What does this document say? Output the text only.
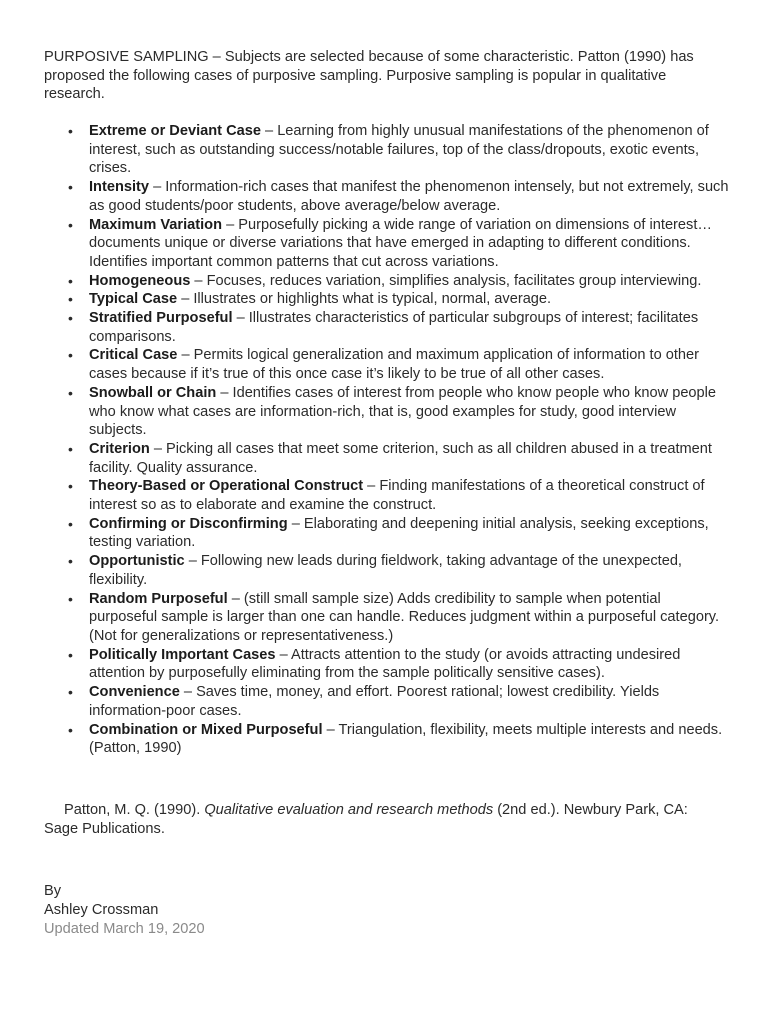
PURPOSIVE SAMPLING – Subjects are selected because of some characteristic. Patton (1990) has proposed the following cases of purposive sampling. Purposive sampling is popular in qualitative research.

• Extreme or Deviant Case – Learning from highly unusual manifestations of the phenomenon of interest, such as outstanding success/notable failures, top of the class/dropouts, exotic events, crises.
• Intensity – Information-rich cases that manifest the phenomenon intensely, but not extremely, such as good students/poor students, above average/below average.
• Maximum Variation – Purposefully picking a wide range of variation on dimensions of interest…documents unique or diverse variations that have emerged in adapting to different conditions. Identifies important common patterns that cut across variations.
• Homogeneous – Focuses, reduces variation, simplifies analysis, facilitates group interviewing.
• Typical Case – Illustrates or highlights what is typical, normal, average.
• Stratified Purposeful – Illustrates characteristics of particular subgroups of interest; facilitates comparisons.
• Critical Case – Permits logical generalization and maximum application of information to other cases because if it’s true of this once case it’s likely to be true of all other cases.
• Snowball or Chain – Identifies cases of interest from people who know people who know people who know what cases are information-rich, that is, good examples for study, good interview subjects.
• Criterion – Picking all cases that meet some criterion, such as all children abused in a treatment facility. Quality assurance.
• Theory-Based or Operational Construct – Finding manifestations of a theoretical construct of interest so as to elaborate and examine the construct.
• Confirming or Disconfirming – Elaborating and deepening initial analysis, seeking exceptions, testing variation.
• Opportunistic – Following new leads during fieldwork, taking advantage of the unexpected, flexibility.
• Random Purposeful – (still small sample size) Adds credibility to sample when potential purposeful sample is larger than one can handle. Reduces judgment within a purposeful category. (Not for generalizations or representativeness.)
• Politically Important Cases – Attracts attention to the study (or avoids attracting undesired attention by purposefully eliminating from the sample politically sensitive cases).
• Convenience – Saves time, money, and effort. Poorest rational; lowest credibility. Yields information-poor cases.
• Combination or Mixed Purposeful – Triangulation, flexibility, meets multiple interests and needs. (Patton, 1990)

Patton, M. Q. (1990). Qualitative evaluation and research methods (2nd ed.). Newbury Park, CA: Sage Publications.

By
Ashley Crossman
Updated March 19, 2020
